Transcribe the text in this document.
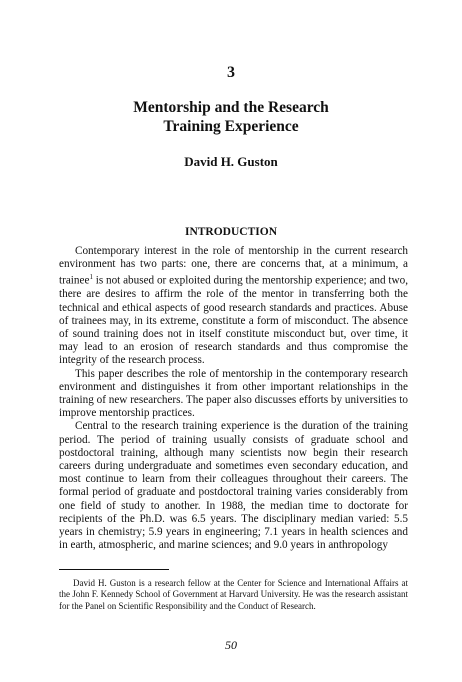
3
Mentorship and the Research
Training Experience
David H. Guston
INTRODUCTION

Contemporary interest in the role of mentorship in the current research environment has two parts: one, there are concerns that, at a minimum, a trainee$^1$ is not abused or exploited during the mentorship experience; and two, there are desires to affirm the role of the mentor in transferring both the technical and ethical aspects of good research standards and practices. Abuse of trainees may, in its extreme, constitute a form of misconduct. The absence of sound training does not in itself constitute misconduct but, over time, it may lead to an erosion of research standards and thus compromise the integrity of the research process.

This paper describes the role of mentorship in the contemporary research environment and distinguishes it from other important relationships in the training of new researchers. The paper also discusses efforts by universities to improve mentorship practices.

Central to the research training experience is the duration of the training period. The period of training usually consists of graduate school and postdoctoral training, although many scientists now begin their research careers during undergraduate and sometimes even secondary education, and most continue to learn from their colleagues throughout their careers. The formal period of graduate and postdoctoral training varies considerably from one field of study to another. In 1988, the median time to doctorate for recipients of the Ph.D. was 6.5 years. The disciplinary median varied: 5.5 years in chemistry; 5.9 years in engineering; 7.1 years in health sciences and in earth, atmospheric, and marine sciences; and 9.0 years in anthropology

David H. Guston is a research fellow at the Center for Science and International Affairs at the John F. Kennedy School of Government at Harvard University. He was the research assistant for the Panel on Scientific Responsibility and the Conduct of Research.

50
